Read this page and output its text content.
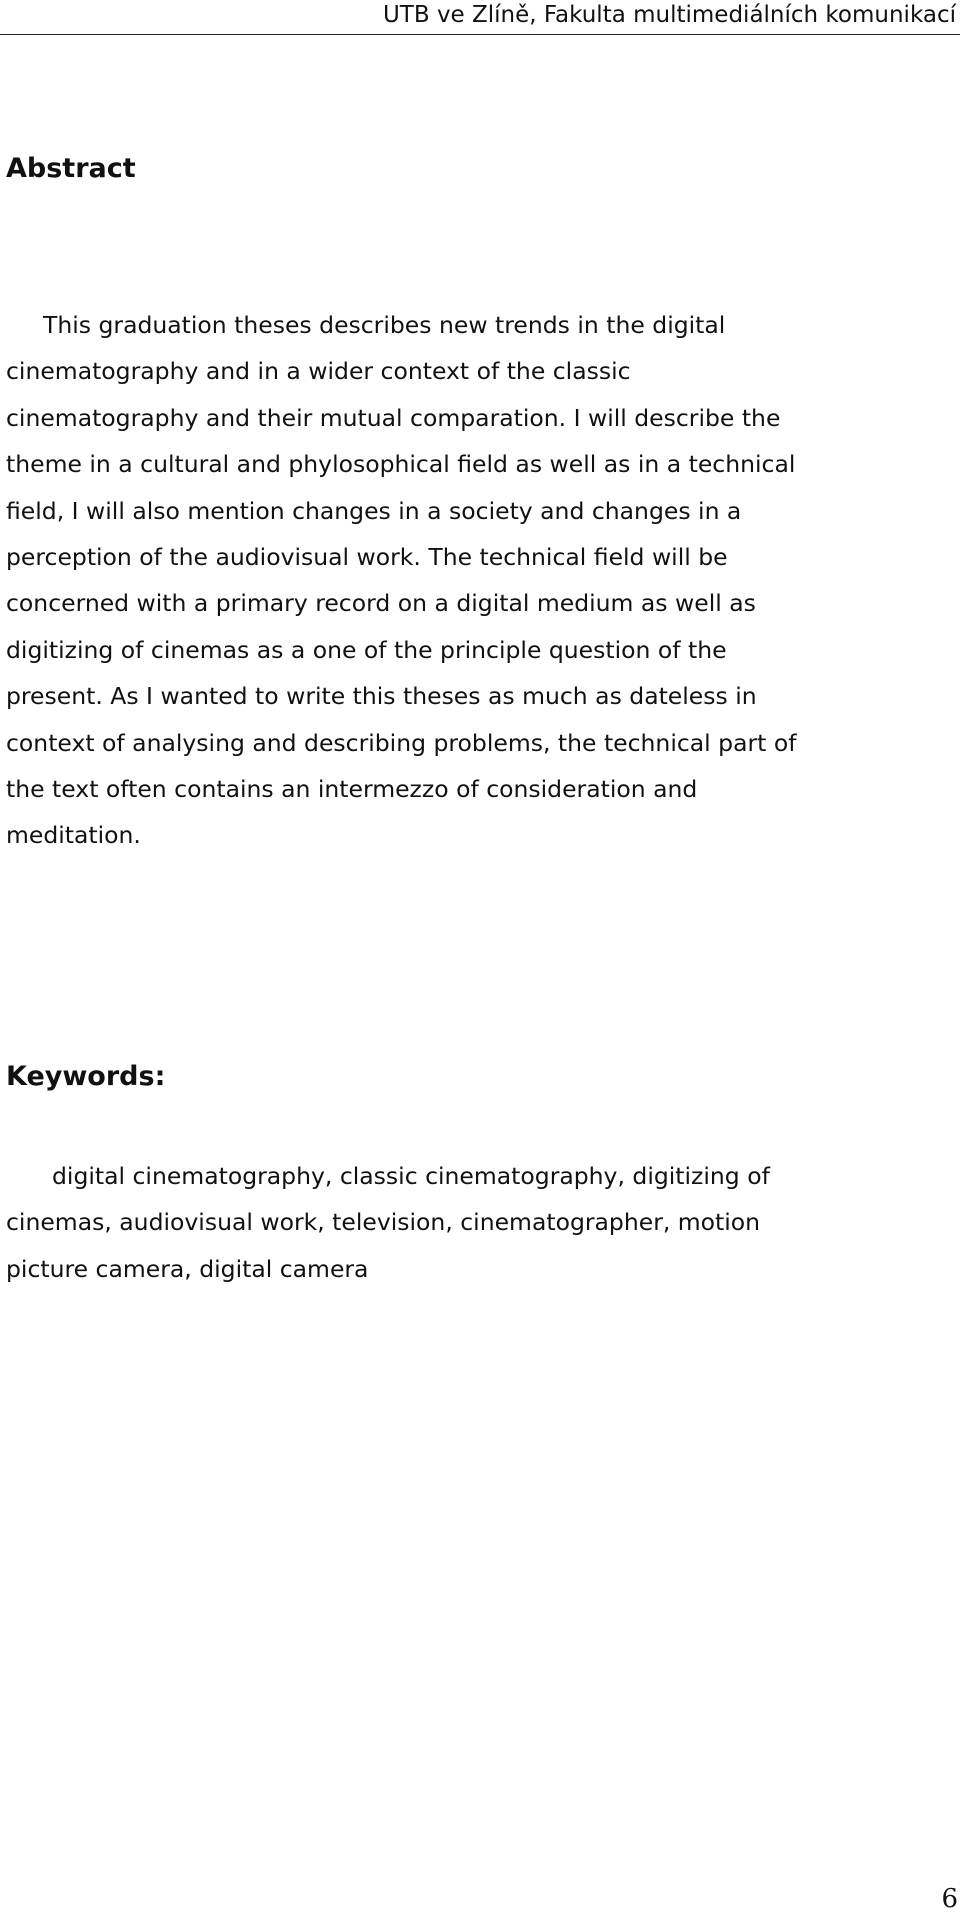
UTB ve Zlíně, Fakulta multimediálních komunikací
Abstract
This graduation theses describes new trends in the digital
cinematography and in a wider context of the classic
cinematography and their mutual comparation. I will describe the
theme in a cultural and phylosophical field as well as in a technical
field, I will also mention changes in a society and changes in a
perception of the audiovisual work. The technical field will be
concerned with a primary record on a digital medium as well as
digitizing of cinemas as a one of the principle question of the
present. As I wanted to write this theses as much as dateless in
context of analysing and describing problems, the technical part of
the text often contains an intermezzo of consideration and
meditation.
Keywords:
digital cinematography, classic cinematography, digitizing of
cinemas, audiovisual work, television, cinematographer, motion
picture camera, digital camera
6
